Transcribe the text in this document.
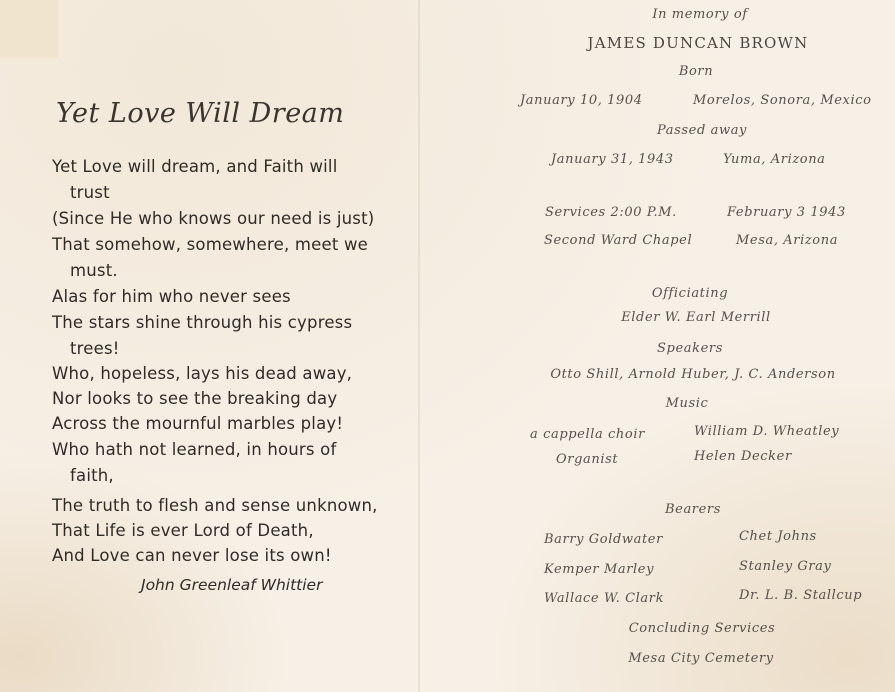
Yet Love Will Dream
Yet Love will dream, and Faith will
trust
(Since He who knows our need is just)
That somehow, somewhere, meet we
must.
Alas for him who never sees
The stars shine through his cypress
trees!
Who, hopeless, lays his dead away,
Nor looks to see the breaking day
Across the mournful marbles play!
Who hath not learned, in hours of
faith,
The truth to flesh and sense unknown,
That Life is ever Lord of Death,
And Love can never lose its own!
John Greenleaf Whittier
In memory of
JAMES DUNCAN BROWN
Born
January 10, 1904	Morelos, Sonora, Mexico
Passed away
January 31, 1943	Yuma, Arizona
Services 2:00 P.M.	February 3 1943
Second Ward Chapel	Mesa, Arizona
Officiating
Elder W. Earl Merrill
Speakers
Otto Shill, Arnold Huber, J. C. Anderson
Music
a cappella choir	William D. Wheatley
Organist	Helen Decker
Bearers
Barry Goldwater	Chet Johns
Kemper Marley	Stanley Gray
Wallace W. Clark	Dr. L. B. Stallcup
Concluding Services
Mesa City Cemetery
